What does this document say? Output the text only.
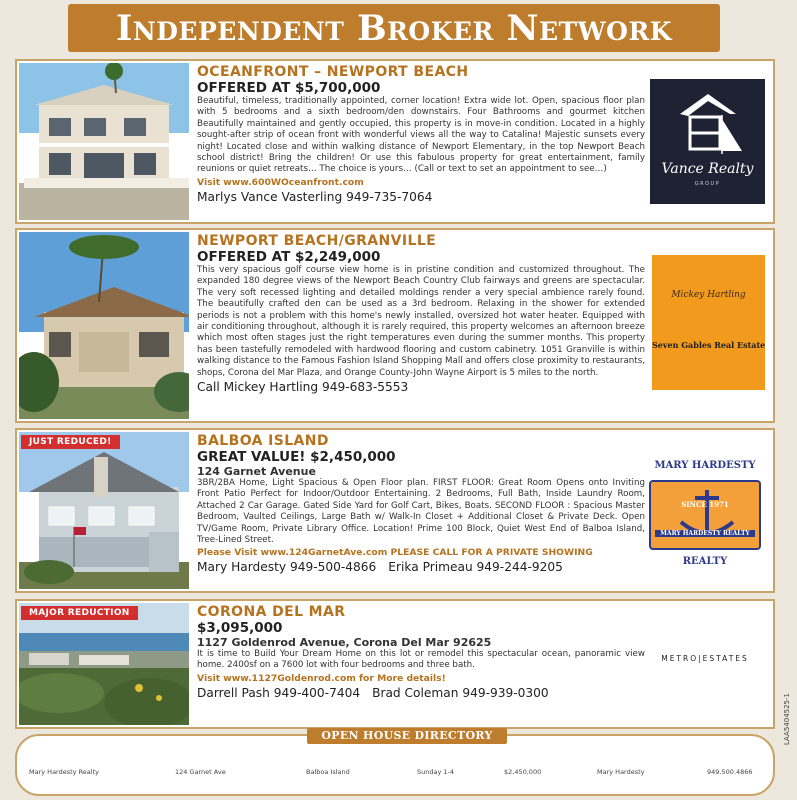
Independent Broker Network
OCEANFRONT – NEWPORT BEACH
OFFERED AT $5,700,000
Beautiful, timeless, traditionally appointed, corner location! Extra wide lot. Open, spacious floor plan with 5 bedrooms and a sixth bedroom/den downstairs. Four Bathrooms and gourmet kitchen Beautifully maintained and gently occupied, this property is in move-in condition. Located in a highly sought-after strip of ocean front with wonderful views all the way to Catalina! Majestic sunsets every night! Located close and within walking distance of Newport Elementary, in the top Newport Beach school district! Bring the children! Or use this fabulous property for great entertainment, family reunions or quiet retreats… The choice is yours… (Call or text to set an appointment to see…)
Visit www.600WOceanfront.com
Marlys Vance Vasterling 949-735-7064
Vance Realty
GROUP
NEWPORT BEACH/GRANVILLE
OFFERED AT $2,249,000
This very spacious golf course view home is in pristine condition and customized throughout. The expanded 180 degree views of the Newport Beach Country Club fairways and greens are spectacular. The very soft recessed lighting and detailed moldings render a very special ambience rarely found. The beautifully crafted den can be used as a 3rd bedroom. Relaxing in the shower for extended periods is not a problem with this home's newly installed, oversized hot water heater. Equipped with air conditioning throughout, although it is rarely required, this property welcomes an afternoon breeze which most often stages just the right temperatures even during the summer months. This property has been tastefully remodeled with hardwood flooring and custom cabinetry. 1051 Granville is within walking distance to the Famous Fashion Island Shopping Mall and offers close proximity to restaurants, shops, Corona del Mar Plaza, and Orange County-John Wayne Airport is 5 miles to the north.
Call Mickey Hartling 949-683-5553
Mickey Hartling
Seven Gables Real Estate
JUST REDUCED!	BALBOA ISLAND
GREAT VALUE! $2,450,000
124 Garnet Avenue
3BR/2BA Home, Light Spacious & Open Floor plan. FIRST FLOOR: Great Room Opens onto Inviting Front Patio Perfect for Indoor/Outdoor Entertaining. 2 Bedrooms, Full Bath, Inside Laundry Room, Attached 2 Car Garage. Gated Side Yard for Golf Cart, Bikes, Boats. SECOND FLOOR : Spacious Master Bedroom, Vaulted Ceilings, Large Bath w/ Walk-In Closet + Additional Closet & Private Deck. Open TV/Game Room, Private Library Office. Location! Prime 100 Block, Quiet West End of Balboa Island, Tree-Lined Street.
Please Visit www.124GarnetAve.com PLEASE CALL FOR A PRIVATE SHOWING
Mary Hardesty 949-500-4866 Erika Primeau 949-244-9205
MARY HARDESTY
SINCE 1971
MARY HARDESTY REALTY
REALTY
MAJOR REDUCTION	CORONA DEL MAR
$3,095,000
1127 Goldenrod Avenue, Corona Del Mar 92625
It is time to Build Your Dream Home on this lot or remodel this spectacular ocean, panoramic view home. 2400sf on a 7600 lot with four bedrooms and three bath.
Visit www.1127Goldenrod.com for More details!
Darrell Pash 949-400-7404 Brad Coleman 949-939-0300
METRO|ESTATES
OPEN HOUSE DIRECTORY
Mary Hardesty Realty	124 Garnet Ave	Balboa Island	Sunday 1-4	$2,450,000	Mary Hardesty	949.500.4866
LAA5404525-1
